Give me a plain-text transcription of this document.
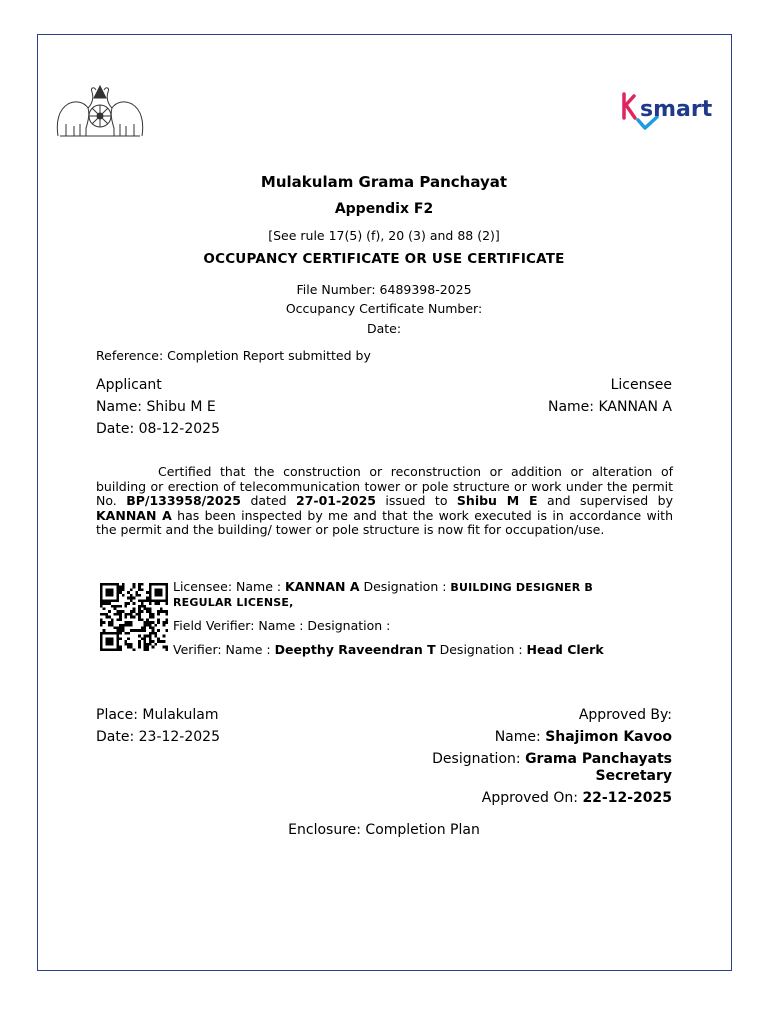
smart
Mulakulam Grama Panchayat
Appendix F2
[See rule 17(5) (f), 20 (3) and 88 (2)]
OCCUPANCY CERTIFICATE OR USE CERTIFICATE
File Number: 6489398-2025
Occupancy Certificate Number:
Date:
Reference: Completion Report submitted by
Applicant
Name: Shibu M E
Date: 08-12-2025
Licensee
Name: KANNAN A
Certified that the construction or reconstruction or addition or alteration of building or erection of telecommunication tower or pole structure or work under the permit No. BP/133958/2025 dated 27-01-2025 issued to Shibu M E and supervised by KANNAN A has been inspected by me and that the work executed is in accordance with the permit and the building/ tower or pole structure is now fit for occupation/use.
Licensee: Name : KANNAN A Designation : BUILDING DESIGNER B REGULAR LICENSE,
Field Verifier: Name : Designation :
Verifier: Name : Deepthy Raveendran T Designation : Head Clerk
Place: Mulakulam
Date: 23-12-2025
Approved By:
Name: Shajimon Kavoo
Designation: Grama Panchayats
Secretary
Approved On: 22-12-2025
Enclosure: Completion Plan
